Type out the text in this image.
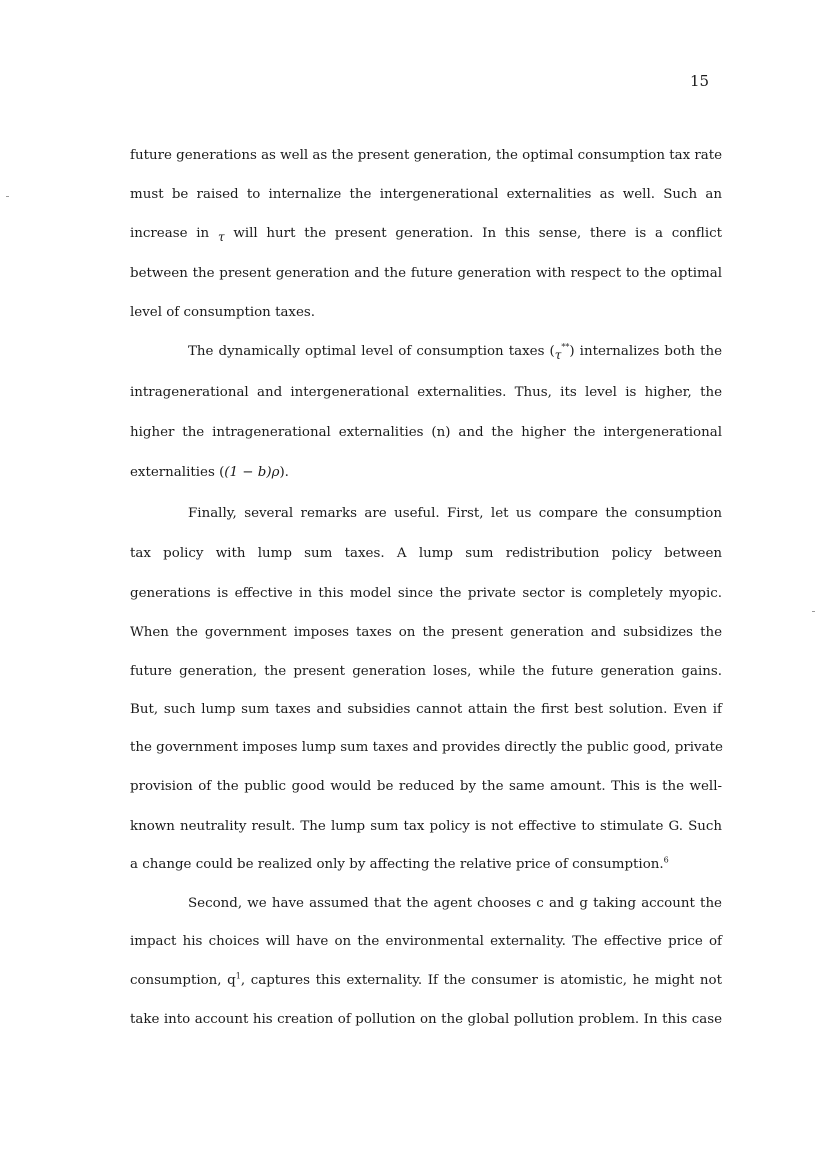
15
future generations as well as the present generation, the optimal consumption tax rate
must be raised to internalize the intergenerational externalities as well. Such an
increase in τ will hurt the present generation. In this sense, there is a conflict
between the present generation and the future generation with respect to the optimal
level of consumption taxes.
The dynamically optimal level of consumption taxes (τ**) internalizes both the
intragenerational and intergenerational externalities. Thus, its level is higher, the
higher the intragenerational externalities (n) and the higher the intergenerational
externalities ((1 − b)ρ).
Finally, several remarks are useful. First, let us compare the consumption
tax policy with lump sum taxes. A lump sum redistribution policy between
generations is effective in this model since the private sector is completely myopic.
When the government imposes taxes on the present generation and subsidizes the
future generation, the present generation loses, while the future generation gains.
But, such lump sum taxes and subsidies cannot attain the first best solution. Even if
the government imposes lump sum taxes and provides directly the public good, private
provision of the public good would be reduced by the same amount. This is the well-
known neutrality result. The lump sum tax policy is not effective to stimulate G. Such
a change could be realized only by affecting the relative price of consumption.$^6$
Second, we have assumed that the agent chooses c and g taking account the
impact his choices will have on the environmental externality. The effective price of
consumption, $q^1$, captures this externality. If the consumer is atomistic, he might not
take into account his creation of pollution on the global pollution problem. In this case
